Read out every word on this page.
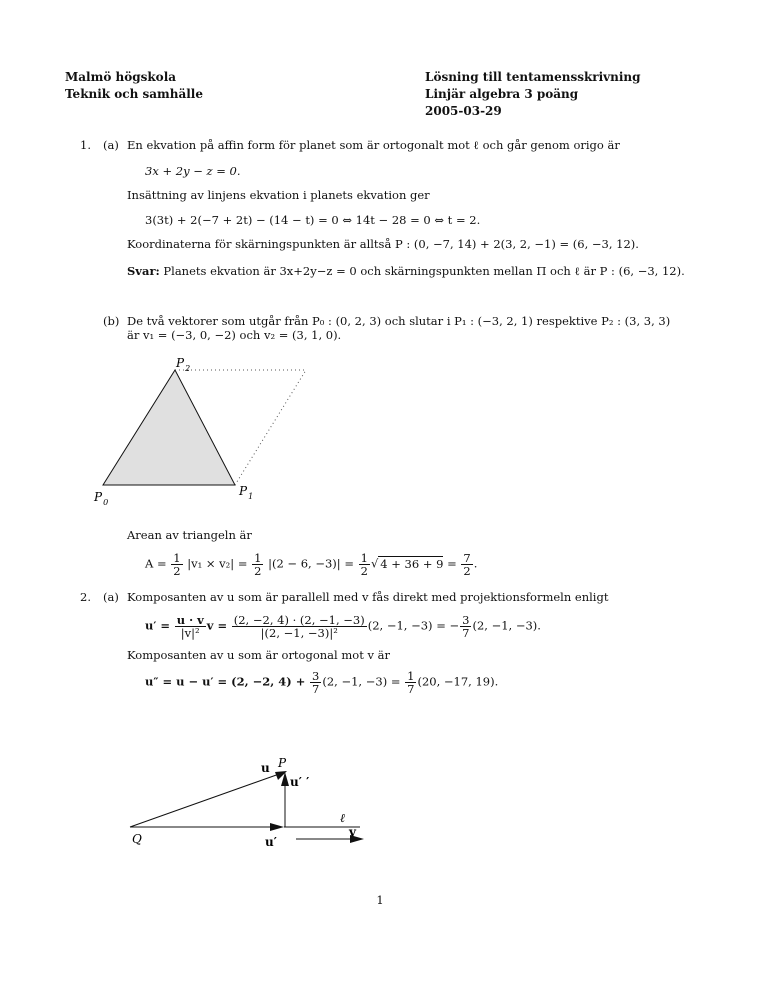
Malmö högskola
Teknik och samhälle
Lösning till tentamensskrivning
Linjär algebra 3 poäng
2005-03-29
1. (a) En ekvation på affin form för planet som är ortogonalt mot ℓ och går genom origo är
3x + 2y − z = 0.
Insättning av linjens ekvation i planets ekvation ger
3(3t) + 2(−7 + 2t) − (14 − t) = 0 ⇔ 14t − 28 = 0 ⇔ t = 2.
Koordinaterna för skärningspunkten är alltså P : (0, −7, 14) + 2(3, 2, −1) = (6, −3, 12).
Svar: Planets ekvation är 3x+2y−z = 0 och skärningspunkten mellan Π och ℓ är P : (6, −3, 12).
(b) De två vektorer som utgår från P₀ : (0, 2, 3) och slutar i P₁ : (−3, 2, 1) respektive P₂ : (3, 3, 3)
är v₁ = (−3, 0, −2) och v₂ = (3, 1, 0).
$P_2$
$P_1$
$P_0$
Arean av triangeln är
$A = \frac{1}{2} |v_1 \times v_2| = \frac{1}{2} |(2 - 6$, $-3)| = \frac{1}{2}$ √ $4 + 36 + 9 = \frac{7}{2}$ .
2. (a) Komposanten av u som är parallell med v fås direkt med projektionsformeln enligt
$u' = \frac{u \cdot v}{\text{|v|²}}$ $v = \frac{(2, -2, 4) \cdot (2, -1, -3)}{\text{|(2, −1, −3)|²}} (2$, −1, −3) = − $\frac{3}{7} (2$, −1, −3).
Komposanten av u som är ortogonal mot v är
u″ = u − u′ = (2, −2, $4) + \frac{3}{7} (2$, −1, $-3) = \frac{1}{7} (20$, −17, 19).
u P
u′ ′
ℓ
Q	u′
v
1
